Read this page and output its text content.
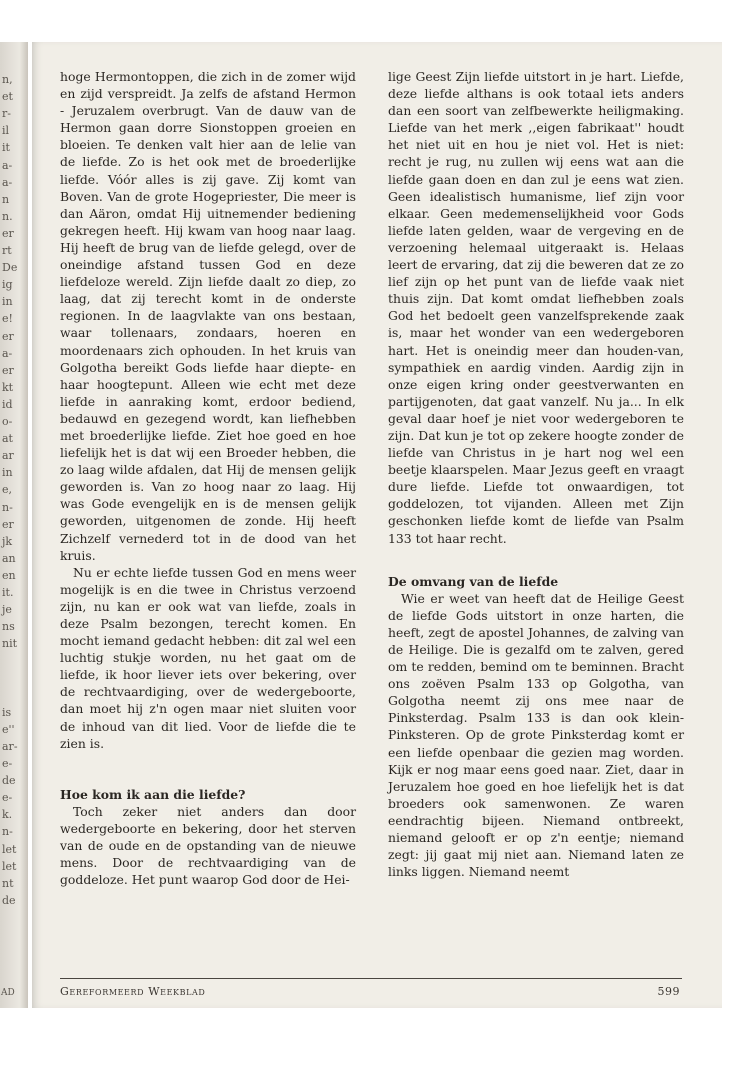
n,
et
r-
il
it
a-
a-
n
n.
er
rt
De
ig
in
e!
er
a-
er
kt
id
o-
at
ar
in
e,
n-
er
jk
an
en
it.
je
ns
nit
is
e''
ar-
e-
de
e-
k.
n-
let
let
nt
de
AD

hoge Hermontoppen, die zich in de zomer wijd en zijd verspreidt. Ja zelfs de afstand Hermon - Jeruzalem overbrugt. Van de dauw van de Hermon gaan dorre Sionstoppen groeien en bloeien. Te denken valt hier aan de lelie van de liefde. Zo is het ook met de broederlijke liefde. Vóór alles is zij gave. Zij komt van Boven. Van de grote Hogepriester, Die meer is dan Aäron, omdat Hij uitnemender bediening gekregen heeft. Hij kwam van hoog naar laag. Hij heeft de brug van de liefde gelegd, over de oneindige afstand tussen God en deze liefdeloze wereld. Zijn liefde daalt zo diep, zo laag, dat zij terecht komt in de onderste regionen. In de laagvlakte van ons bestaan, waar tollenaars, zondaars, hoeren en moordenaars zich ophouden. In het kruis van Golgotha bereikt Gods liefde haar diepte- en haar hoogtepunt. Alleen wie echt met deze liefde in aanraking komt, erdoor bediend, bedauwd en gezegend wordt, kan liefhebben met broederlijke liefde. Ziet hoe goed en hoe liefelijk het is dat wij een Broeder hebben, die zo laag wilde afdalen, dat Hij de mensen gelijk geworden is. Van zo hoog naar zo laag. Hij was Gode evengelijk en is de mensen gelijk geworden, uitgenomen de zonde. Hij heeft Zichzelf vernederd tot in de dood van het kruis.

Nu er echte liefde tussen God en mens weer mogelijk is en die twee in Christus verzoend zijn, nu kan er ook wat van liefde, zoals in deze Psalm bezongen, terecht komen. En mocht iemand gedacht hebben: dit zal wel een luchtig stukje worden, nu het gaat om de liefde, ik hoor liever iets over bekering, over de rechtvaardiging, over de wedergeboorte, dan moet hij z'n ogen maar niet sluiten voor de inhoud van dit lied. Voor de liefde die te zien is.

Hoe kom ik aan die liefde?

Toch zeker niet anders dan door wedergeboorte en bekering, door het sterven van de oude en de opstanding van de nieuwe mens. Door de rechtvaardiging van de goddeloze. Het punt waarop God door de Hei-

lige Geest Zijn liefde uitstort in je hart. Liefde, deze liefde althans is ook totaal iets anders dan een soort van zelfbewerkte heiligmaking. Liefde van het merk ,,eigen fabrikaat'' houdt het niet uit en hou je niet vol. Het is niet: recht je rug, nu zullen wij eens wat aan die liefde gaan doen en dan zul je eens wat zien. Geen idealistisch humanisme, lief zijn voor elkaar. Geen medemenselijkheid voor Gods liefde laten gelden, waar de vergeving en de verzoening helemaal uitgeraakt is. Helaas leert de ervaring, dat zij die beweren dat ze zo lief zijn op het punt van de liefde vaak niet thuis zijn. Dat komt omdat liefhebben zoals God het bedoelt geen vanzelfsprekende zaak is, maar het wonder van een wedergeboren hart. Het is oneindig meer dan houden-van, sympathiek en aardig vinden. Aardig zijn in onze eigen kring onder geestverwanten en partijgenoten, dat gaat vanzelf. Nu ja... In elk geval daar hoef je niet voor wedergeboren te zijn. Dat kun je tot op zekere hoogte zonder de liefde van Christus in je hart nog wel een beetje klaarspelen. Maar Jezus geeft en vraagt dure liefde. Liefde tot onwaardigen, tot goddelozen, tot vijanden. Alleen met Zijn geschonken liefde komt de liefde van Psalm 133 tot haar recht.

De omvang van de liefde

Wie er weet van heeft dat de Heilige Geest de liefde Gods uitstort in onze harten, die heeft, zegt de apostel Johannes, de zalving van de Heilige. Die is gezalfd om te zalven, gered om te redden, bemind om te beminnen. Bracht ons zoëven Psalm 133 op Golgotha, van Golgotha neemt zij ons mee naar de Pinksterdag. Psalm 133 is dan ook klein-Pinksteren. Op de grote Pinksterdag komt er een liefde openbaar die gezien mag worden. Kijk er nog maar eens goed naar. Ziet, daar in Jeruzalem hoe goed en hoe liefelijk het is dat broeders ook samenwonen. Ze waren eendrachtig bijeen. Niemand ontbreekt, niemand gelooft er op z'n eentje; niemand zegt: jij gaat mij niet aan. Niemand laten ze links liggen. Niemand neemt

Gereformeerd Weekblad	599
